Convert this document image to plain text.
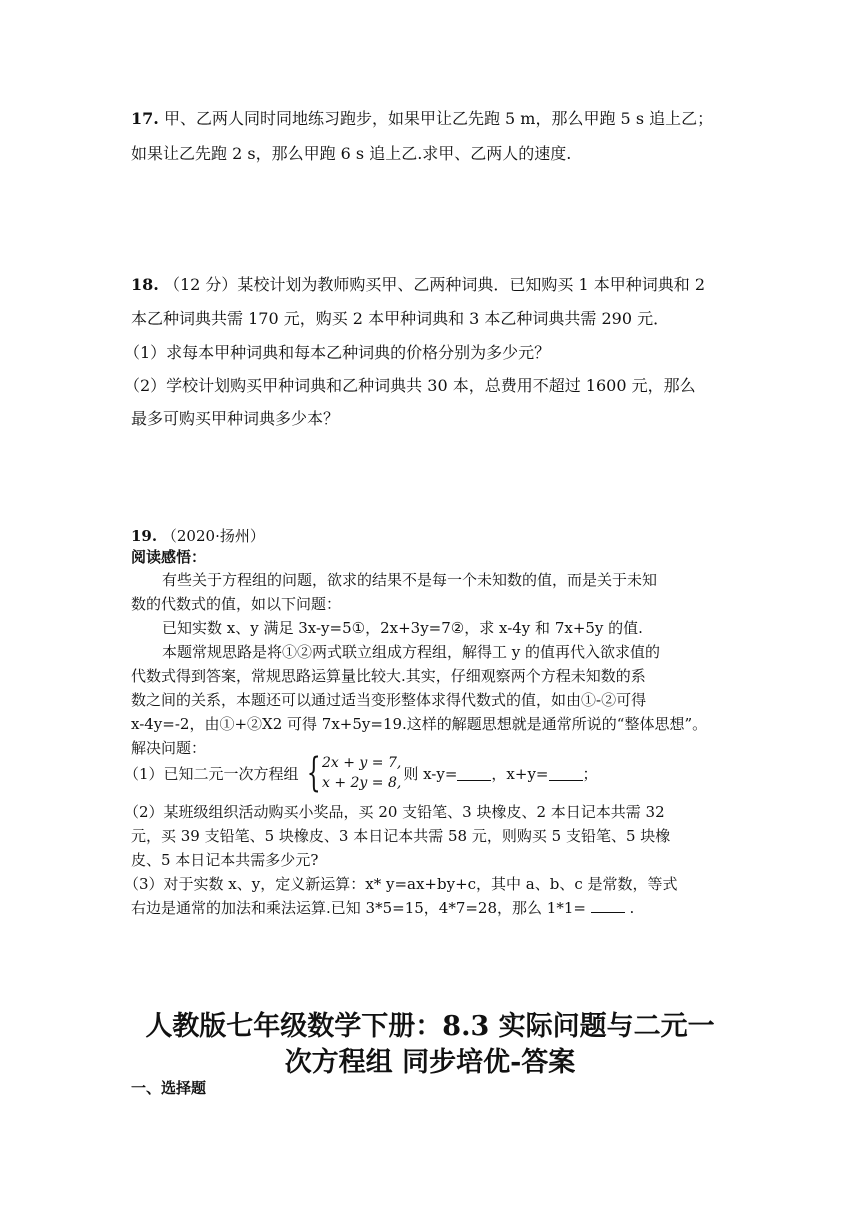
17. 甲、乙两人同时同地练习跑步，如果甲让乙先跑 5 m，那么甲跑 5 s 追上乙；
如果让乙先跑 2 s，那么甲跑 6 s 追上乙.求甲、乙两人的速度.
18. （12 分）某校计划为教师购买甲、乙两种词典．已知购买 1 本甲种词典和 2
本乙种词典共需 170 元，购买 2 本甲种词典和 3 本乙种词典共需 290 元．
（1）求每本甲种词典和每本乙种词典的价格分别为多少元？
（2）学校计划购买甲种词典和乙种词典共 30 本，总费用不超过 1600 元，那么
最多可购买甲种词典多少本？
19. （2020·扬州）
阅读感悟：
有些关于方程组的问题，欲求的结果不是每一个未知数的值，而是关于未知
数的代数式的值，如以下问题：
已知实数 x、y 满足 3x-y=5①，2x+3y=7②，求 x-4y 和 7x+5y 的值.
本题常规思路是将①②两式联立组成方程组，解得工 y 的值再代入欲求值的
代数式得到答案，常规思路运算量比较大.其实，仔细观察两个方程未知数的系
数之间的关系，本题还可以通过适当变形整体求得代数式的值，如由①-②可得
x-4y=-2，由①+②X2 可得 7x+5y=19.这样的解题思想就是通常所说的“整体思想”。
解决问题：
（1）已知二元一次方程组 { 2x + y = 7,
x + 2y = 8,
则 x-y= ，x+y= ；
（2）某班级组织活动购买小奖品，买 20 支铅笔、3 块橡皮、2 本日记本共需 32
元，买 39 支铅笔、5 块橡皮、3 本日记本共需 58 元，则购买 5 支铅笔、5 块橡
皮、5 本日记本共需多少元?
（3）对于实数 x、y，定义新运算：x* y=ax+by+c，其中 a、b、c 是常数，等式
右边是通常的加法和乘法运算.已知 3*5=15，4*7=28，那么 1*1=	.
人教版七年级数学下册：8.3 实际问题与二元一
次方程组 同步培优-答案
一、选择题
